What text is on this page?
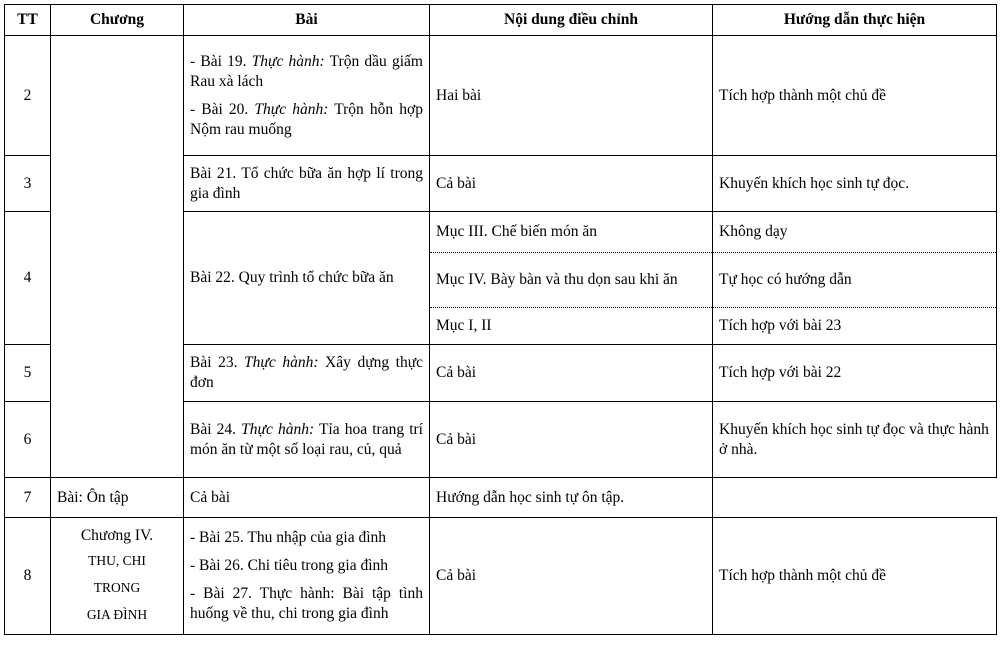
TT	Chương	Bài	Nội dung điều chỉnh	Hướng dẫn thực hiện
2		- Bài 19. Thực hành: Trộn dầu giấm Rau xà lách
- Bài 20. Thực hành: Trộn hỗn hợp Nộm rau muống	Hai bài	Tích hợp thành một chủ đề
3		Bài 21. Tổ chức bữa ăn hợp lí trong gia đình	Cả bài	Khuyến khích học sinh tự đọc.
4		Bài 22. Quy trình tổ chức bữa ăn	Mục III. Chế biến món ăn	Không dạy
			Mục IV. Bày bàn và thu dọn sau khi ăn	Tự học có hướng dẫn
			Mục I, II	Tích hợp với bài 23
5		Bài 23. Thực hành: Xây dựng thực đơn	Cả bài	Tích hợp với bài 22
6		Bài 24. Thực hành: Tỉa hoa trang trí món ăn từ một số loại rau, củ, quả	Cả bài	Khuyến khích học sinh tự đọc và thực hành ở nhà.
7	Bài: Ôn tập	Cả bài	Hướng dẫn học sinh tự ôn tập.	
8	Chương IV.
THU, CHI
TRONG
GIA ĐÌNH	- Bài 25. Thu nhập của gia đình
- Bài 26. Chi tiêu trong gia đình
- Bài 27. Thực hành: Bài tập tình huống về thu, chi trong gia đình	Cả bài	Tích hợp thành một chủ đề
